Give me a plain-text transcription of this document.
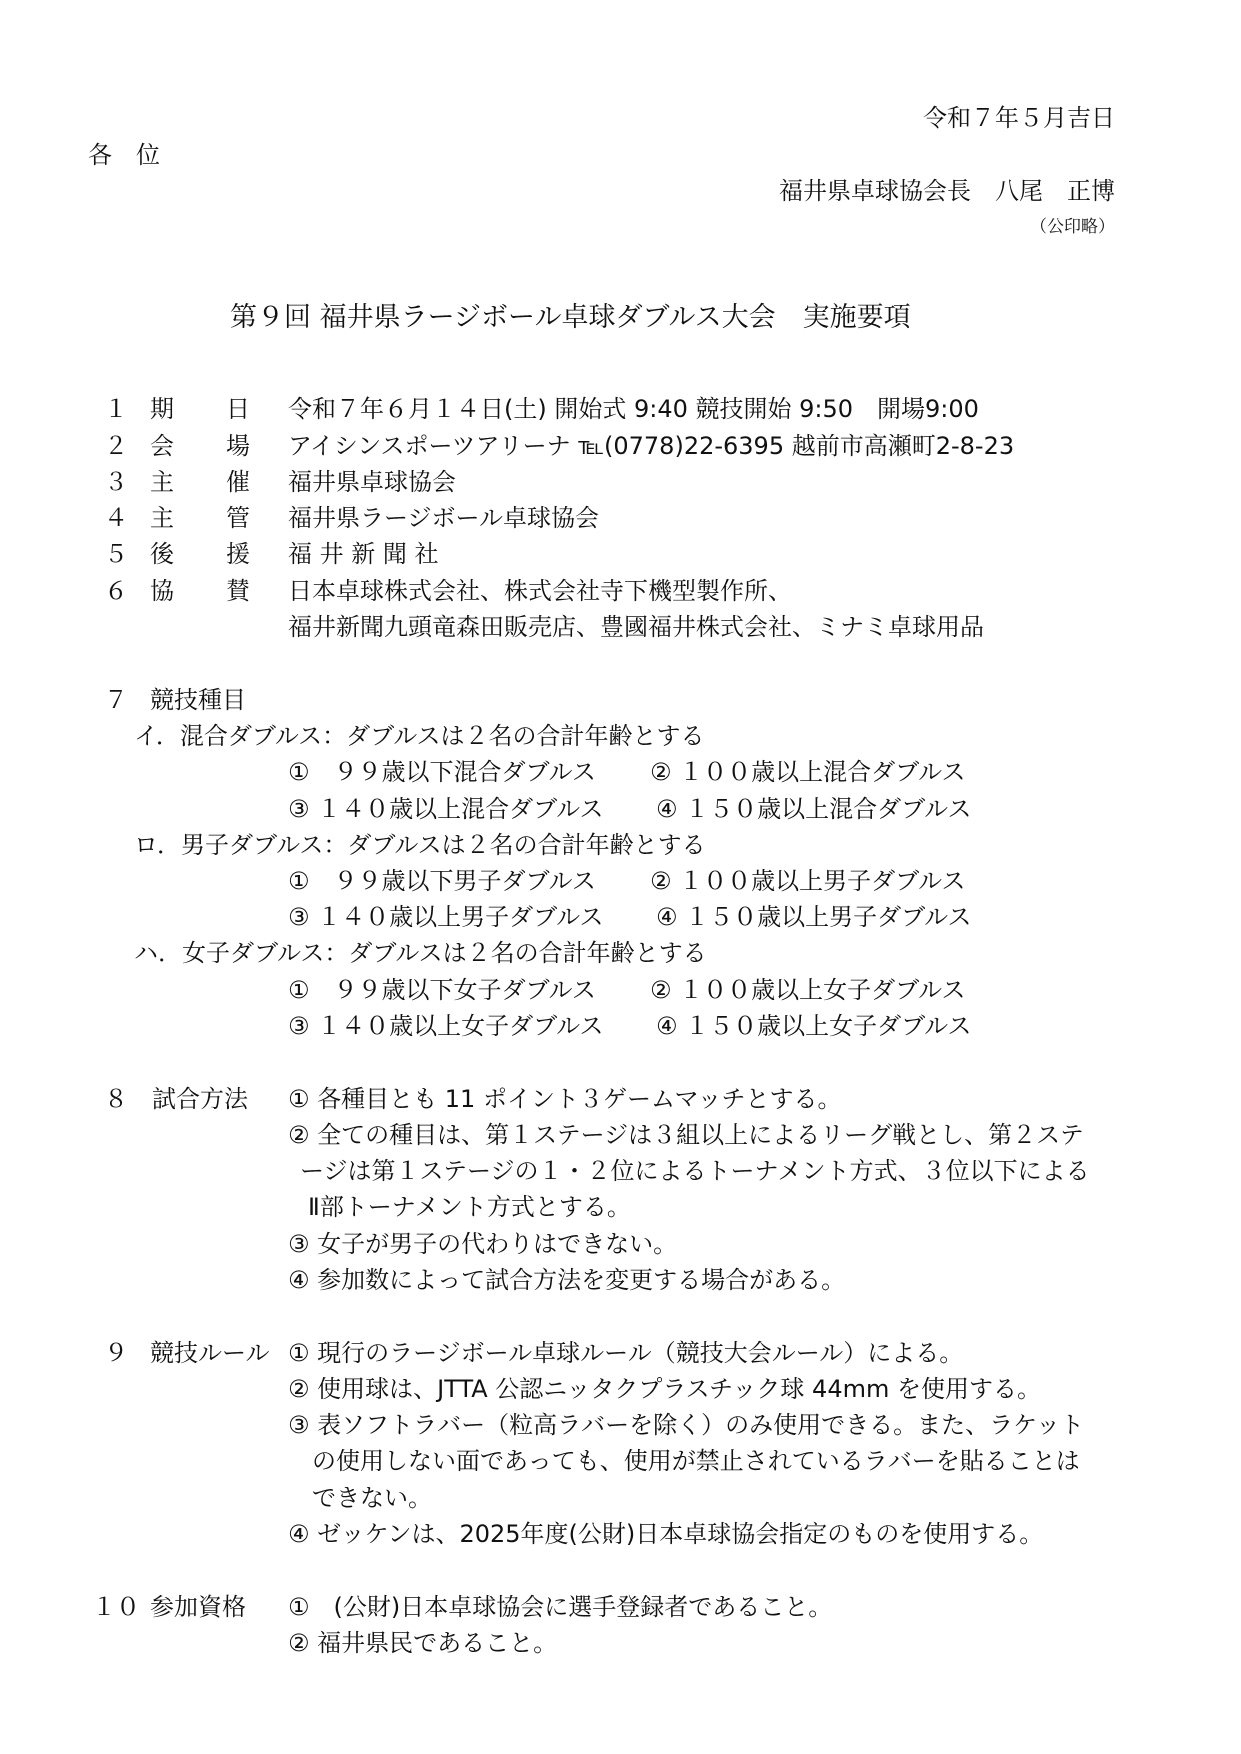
令和７年５月吉日
各　位
福井県卓球協会長　八尾　正博
（公印略）
第９回 福井県ラージボール卓球ダブルス大会　実施要項
１ 期 日 令和７年６月１４日(土) 開始式 9:40 競技開始 9:50　開場9:00
２ 会 場 アイシンスポーツアリーナ ℡(0778)22-6395 越前市高瀬町2-8-23
３ 主 催 福井県卓球協会
４ 主 管 福井県ラージボール卓球協会
５ 後 援 福 井 新 聞 社
６ 協 賛 日本卓球株式会社、株式会社寺下機型製作所、
福井新聞九頭竜森田販売店、豊國福井株式会社、ミナミ卓球用品
７ 競技種目
イ．混合ダブルス：ダブルスは２名の合計年齢とする
①　９９歳以下混合ダブルス ② １００歳以上混合ダブルス
③ １４０歳以上混合ダブルス ④ １５０歳以上混合ダブルス
ロ．男子ダブルス：ダブルスは２名の合計年齢とする
①　９９歳以下男子ダブルス ② １００歳以上男子ダブルス
③ １４０歳以上男子ダブルス ④ １５０歳以上男子ダブルス
ハ．女子ダブルス：ダブルスは２名の合計年齢とする
①　９９歳以下女子ダブルス ② １００歳以上女子ダブルス
③ １４０歳以上女子ダブルス ④ １５０歳以上女子ダブルス
８ 試合方法 ① 各種目とも 11 ポイント３ゲームマッチとする。
② 全ての種目は、第１ステージは３組以上によるリーグ戦とし、第２ステ
ージは第１ステージの１・２位によるトーナメント方式、３位以下による
Ⅱ部トーナメント方式とする。
③ 女子が男子の代わりはできない。
④ 参加数によって試合方法を変更する場合がある。
９ 競技ルール ① 現行のラージボール卓球ルール（競技大会ルール）による。
② 使用球は、JTTA 公認ニッタクプラスチック球 44mm を使用する。
③ 表ソフトラバー（粒高ラバーを除く）のみ使用できる。また、ラケット
の使用しない面であっても、使用が禁止されているラバーを貼ることは
できない。
④ ゼッケンは、2025年度(公財)日本卓球協会指定のものを使用する。
１０ 参加資格 ①　(公財)日本卓球協会に選手登録者であること。
② 福井県民であること。
